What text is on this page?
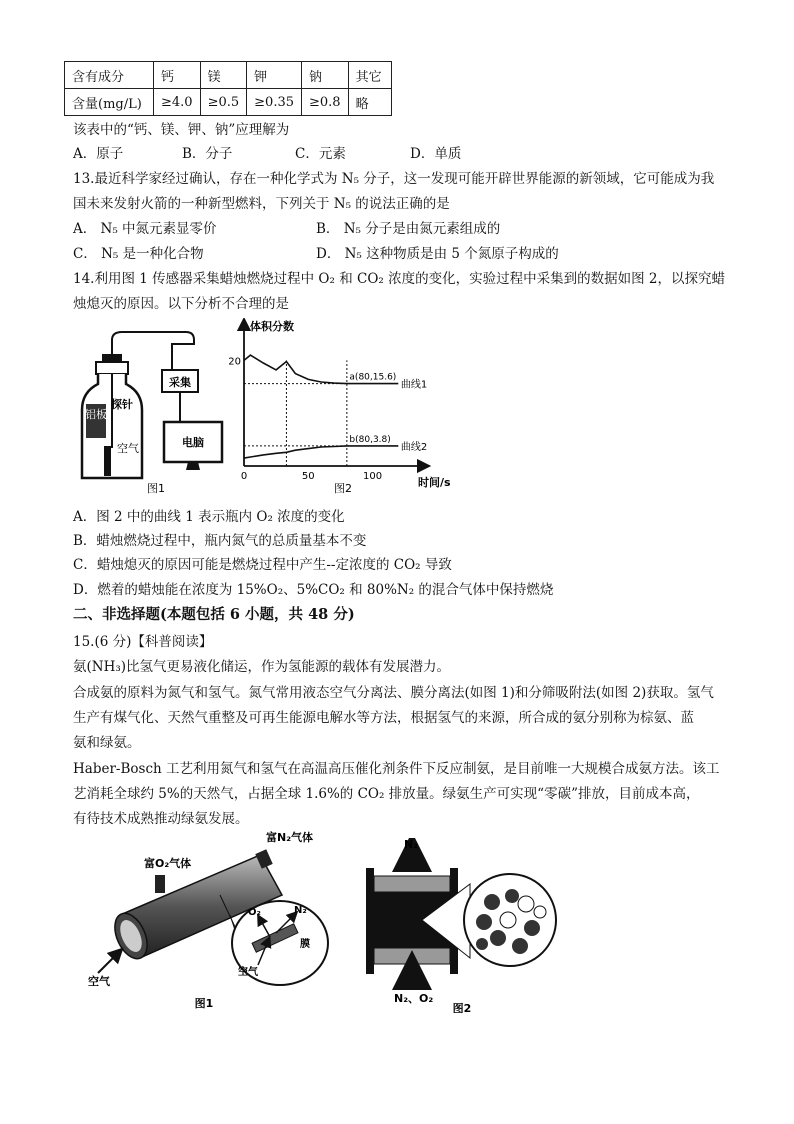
含有成分	钙	镁	钾	钠	其它
含量(mg/L)	≥4.0	≥0.5	≥0.35	≥0.8	略
该表中的“钙、镁、钾、钠”应理解为
A．原子	B．分子	C．元素	D．单质
13.最近科学家经过确认，存在一种化学式为 N₅ 分子，这一发现可能开辟世界能源的新领域，它可能成为我
国未来发射火箭的一种新型燃料，下列关于 N₅ 的说法正确的是
A． N₅ 中氮元素显零价	B． N₅ 分子是由氮元素组成的
C． N₅ 是一种化合物	D． N₅ 这种物质是由 5 个氮原子构成的
14.利用图 1 传感器采集蜡烛燃烧过程中 O₂ 和 CO₂ 浓度的变化，实验过程中采集到的数据如图 2，以探究蜡
烛熄灭的原因。以下分析不合理的是
铝板
探针
空气
采集
电脑
图1
体积分数
时间/s
0	50	100
20
曲线1
曲线2
a(80,15.6)
b(80,3.8)
图2
A．图 2 中的曲线 1 表示瓶内 O₂ 浓度的变化
B．蜡烛燃烧过程中，瓶内氮气的总质量基本不变
C．蜡烛熄灭的原因可能是燃烧过程中产生--定浓度的 CO₂ 导致
D．燃着的蜡烛能在浓度为 15%O₂、5%CO₂ 和 80%N₂ 的混合气体中保持燃烧
二、非选择题(本题包括 6 小题，共 48 分)
15.(6 分)【科普阅读】
氨(NH₃)比氢气更易液化储运，作为氢能源的载体有发展潜力。
合成氨的原料为氮气和氢气。氮气常用液态空气分离法、膜分离法(如图 1)和分筛吸附法(如图 2)获取。氢气
生产有煤气化、天然气重整及可再生能源电解水等方法，根据氢气的来源，所合成的氨分别称为棕氨、蓝
氨和绿氨。
Haber-Bosch 工艺利用氮气和氢气在高温高压催化剂条件下反应制氨，是目前唯一大规模合成氨方法。该工
艺消耗全球约 5%的天然气，占据全球 1.6%的 CO₂ 排放量。绿氨生产可实现“零碳”排放，目前成本高，
有待技术成熟推动绿氨发展。
富O₂气体
富N₂气体
空气
O₂	N₂
膜
空气
图1
N₂
N₂、O₂
图2
